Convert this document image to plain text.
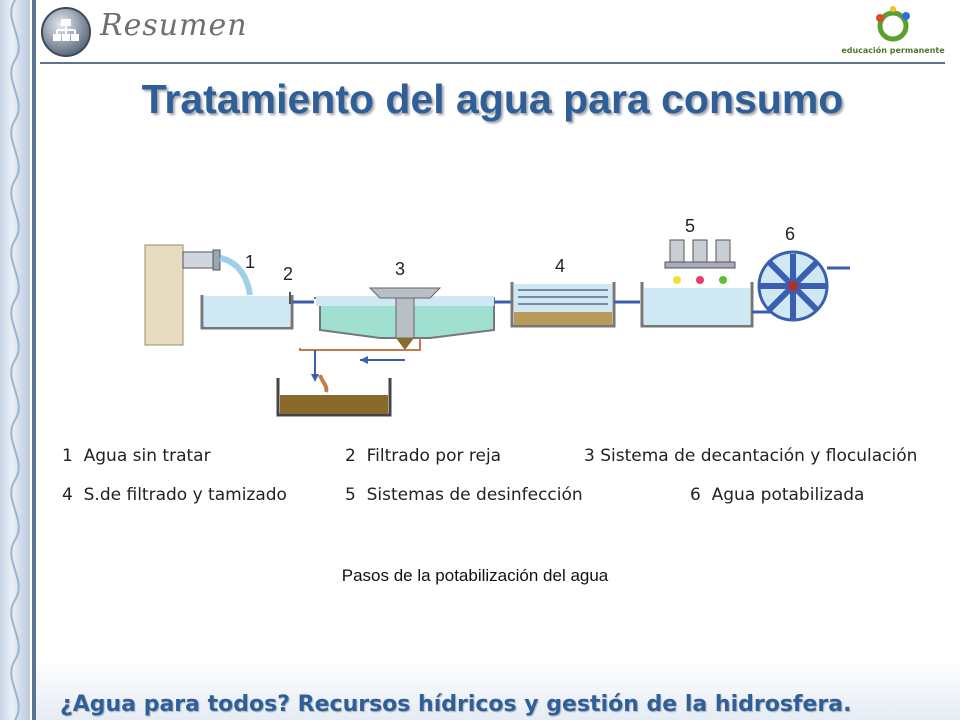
Resumen
educación permanente
Tratamiento del agua para consumo
1
2	3	4
5	6
1 Agua sin tratar	2 Filtrado por reja	3 Sistema de decantación y floculación
4 S.de filtrado y tamizado	5 Sistemas de desinfección	6 Agua potabilizada
Pasos de la potabilización del agua
¿Agua para todos? Recursos hídricos y gestión de la hidrosfera.
